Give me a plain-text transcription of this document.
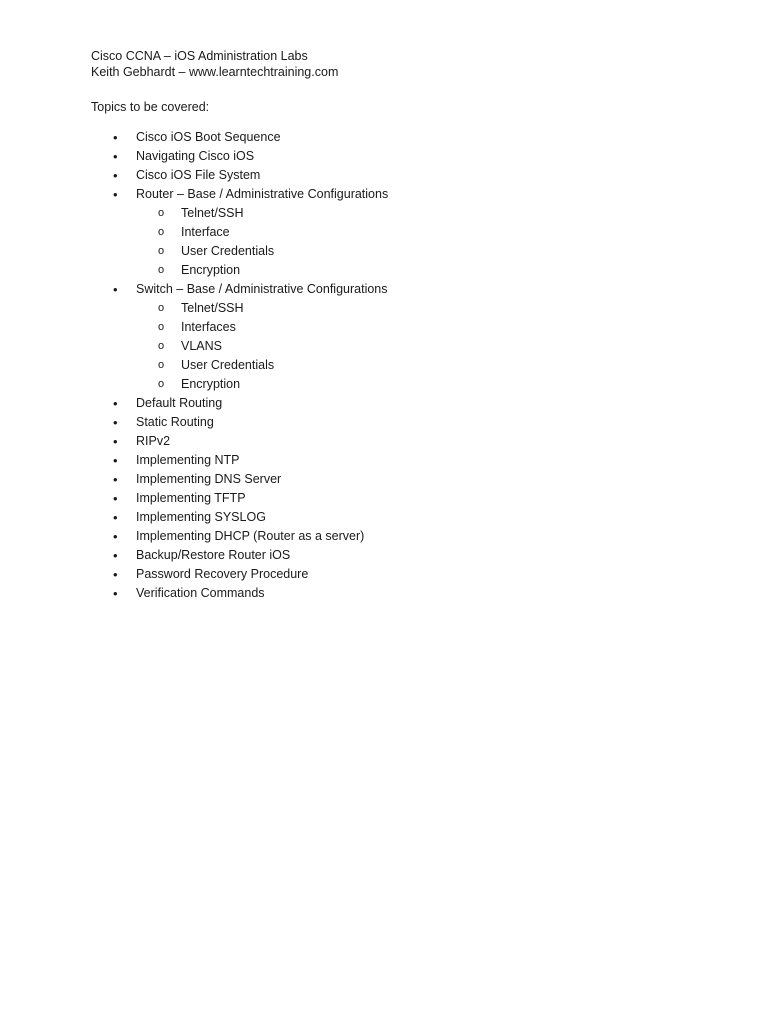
Cisco CCNA – iOS Administration Labs
Keith Gebhardt – www.learntechtraining.com
Topics to be covered:
• Cisco iOS Boot Sequence
• Navigating Cisco iOS
• Cisco iOS File System
• Router – Base / Administrative Configurations
o Telnet/SSH
o Interface
o User Credentials
o Encryption
• Switch – Base / Administrative Configurations
o Telnet/SSH
o Interfaces
o VLANS
o User Credentials
o Encryption
• Default Routing
• Static Routing
• RIPv2
• Implementing NTP
• Implementing DNS Server
• Implementing TFTP
• Implementing SYSLOG
• Implementing DHCP (Router as a server)
• Backup/Restore Router iOS
• Password Recovery Procedure
• Verification Commands
